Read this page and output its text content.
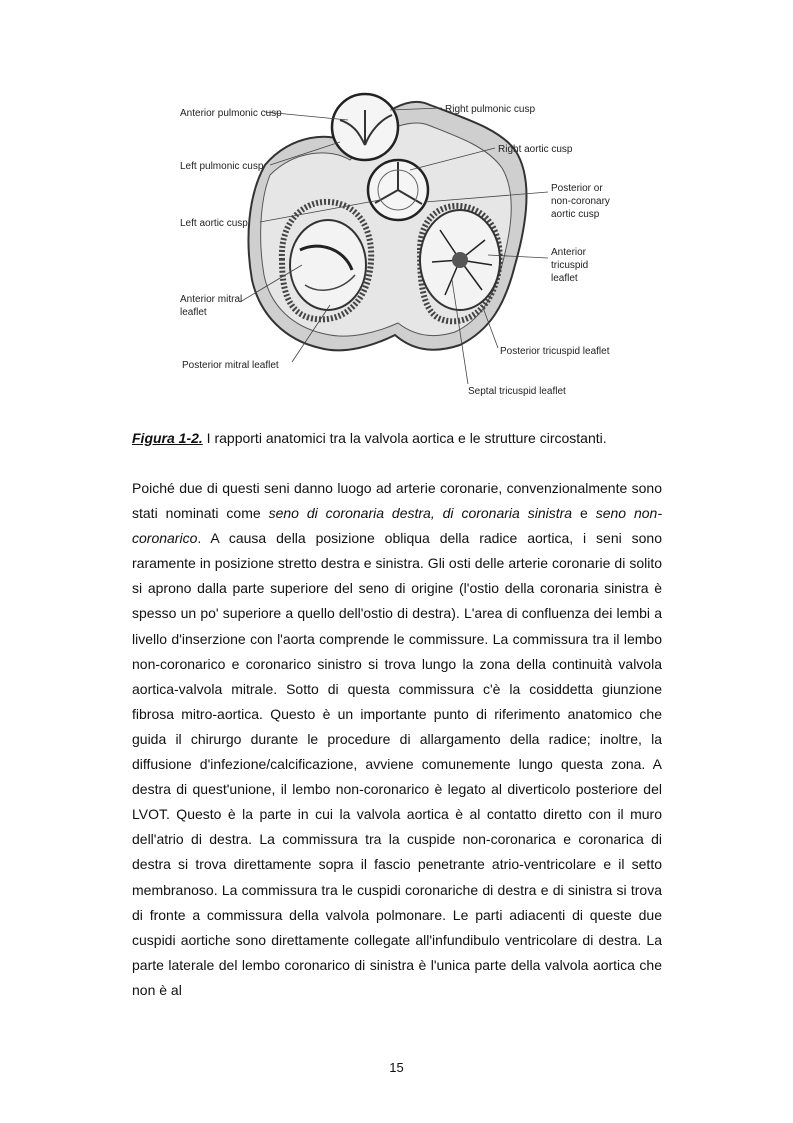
Anterior pulmonic cusp	Right pulmonic cusp
Left pulmonic cusp
Right aortic cusp
Posterior or
non-coronary
aortic cusp
Left aortic cusp
Anterior
tricuspid
leaflet
Anterior mitral
leaflet
Posterior tricuspid leaflet
Posterior mitral leaflet
Septal tricuspid leaflet
Figura 1-2. I rapporti anatomici tra la valvola aortica e le strutture circostanti.

Poiché due di questi seni danno luogo ad arterie coronarie, convenzionalmente sono stati nominati come seno di coronaria destra, di coronaria sinistra e seno non-coronarico. A causa della posizione obliqua della radice aortica, i seni sono raramente in posizione stretto destra e sinistra. Gli osti delle arterie coronarie di solito si aprono dalla parte superiore del seno di origine (l'ostio della coronaria sinistra è spesso un po' superiore a quello dell'ostio di destra). L'area di confluenza dei lembi a livello d'inserzione con l'aorta comprende le commissure. La commissura tra il lembo non-coronarico e coronarico sinistro si trova lungo la zona della continuità valvola aortica-valvola mitrale. Sotto di questa commissura c'è la cosiddetta giunzione fibrosa mitro-aortica. Questo è un importante punto di riferimento anatomico che guida il chirurgo durante le procedure di allargamento della radice; inoltre, la diffusione d'infezione/calcificazione, avviene comunemente lungo questa zona. A destra di quest'unione, il lembo non-coronarico è legato al diverticolo posteriore del LVOT. Questo è la parte in cui la valvola aortica è al contatto diretto con il muro dell'atrio di destra. La commissura tra la cuspide non-coronarica e coronarica di destra si trova direttamente sopra il fascio penetrante atrio-ventricolare e il setto membranoso. La commissura tra le cuspidi coronariche di destra e di sinistra si trova di fronte a commissura della valvola polmonare. Le parti adiacenti di queste due cuspidi aortiche sono direttamente collegate all'infundibulo ventricolare di destra. La parte laterale del lembo coronarico di sinistra è l'unica parte della valvola aortica che non è al

15
